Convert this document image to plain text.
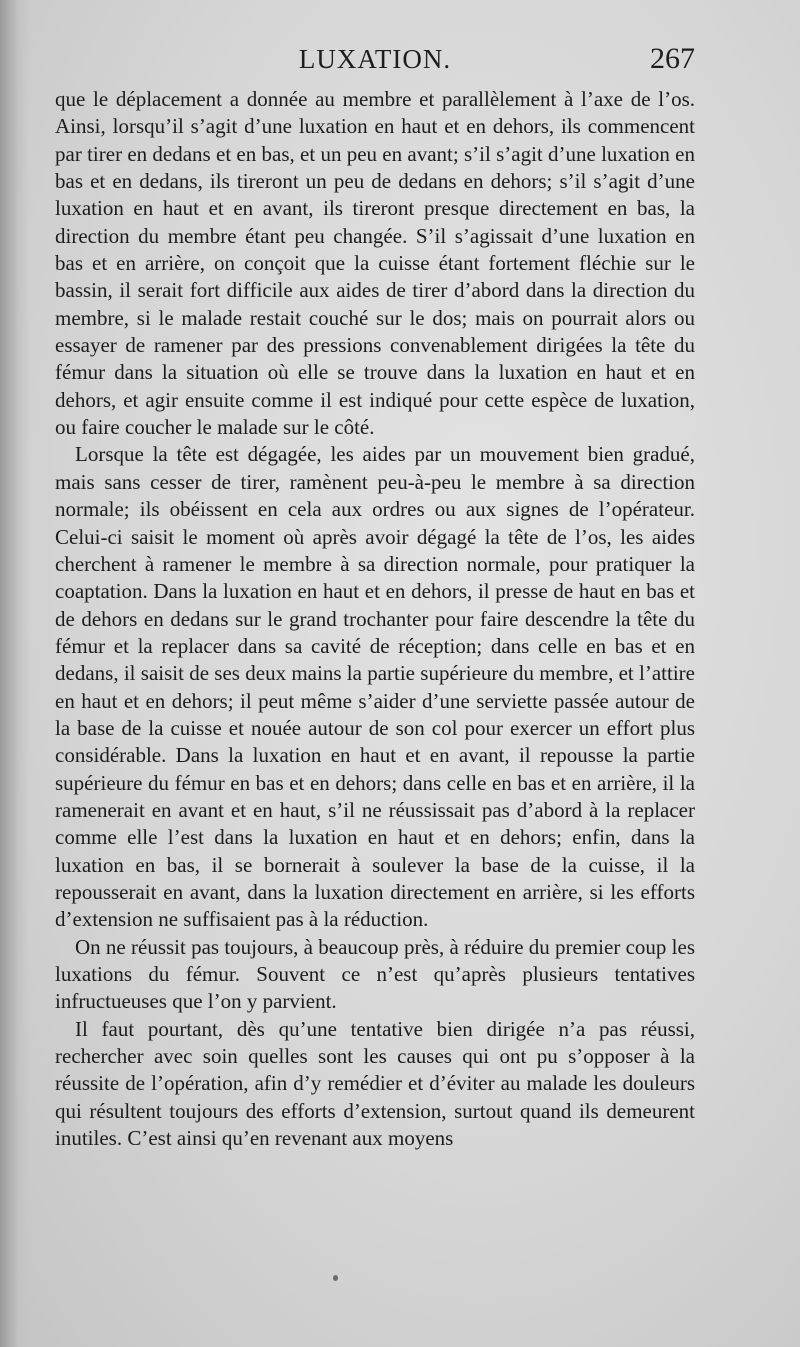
LUXATION.	267

que le déplacement a donnée au membre et parallèlement à l’axe de l’os. Ainsi, lorsqu’il s’agit d’une luxation en haut et en dehors, ils commencent par tirer en dedans et en bas, et un peu en avant; s’il s’agit d’une luxation en bas et en dedans, ils tireront un peu de dedans en dehors; s’il s’agit d’une luxation en haut et en avant, ils tireront presque directement en bas, la direction du membre étant peu changée. S’il s’agissait d’une luxation en bas et en arrière, on conçoit que la cuisse étant fortement fléchie sur le bassin, il serait fort difficile aux aides de tirer d’abord dans la direction du membre, si le malade restait couché sur le dos; mais on pourrait alors ou essayer de ramener par des pressions convenablement dirigées la tête du fémur dans la situation où elle se trouve dans la luxation en haut et en dehors, et agir ensuite comme il est indiqué pour cette espèce de luxation, ou faire coucher le malade sur le côté.

Lorsque la tête est dégagée, les aides par un mouvement bien gradué, mais sans cesser de tirer, ramènent peu-à-peu le membre à sa direction normale; ils obéissent en cela aux ordres ou aux signes de l’opérateur. Celui-ci saisit le moment où après avoir dégagé la tête de l’os, les aides cherchent à ramener le membre à sa direction normale, pour pratiquer la coaptation. Dans la luxation en haut et en dehors, il presse de haut en bas et de dehors en dedans sur le grand trochanter pour faire descendre la tête du fémur et la replacer dans sa cavité de réception; dans celle en bas et en dedans, il saisit de ses deux mains la partie supérieure du membre, et l’attire en haut et en dehors; il peut même s’aider d’une serviette passée autour de la base de la cuisse et nouée autour de son col pour exercer un effort plus considérable. Dans la luxation en haut et en avant, il repousse la partie supérieure du fémur en bas et en dehors; dans celle en bas et en arrière, il la ramenerait en avant et en haut, s’il ne réussissait pas d’abord à la replacer comme elle l’est dans la luxation en haut et en dehors; enfin, dans la luxation en bas, il se bornerait à soulever la base de la cuisse, il la repousserait en avant, dans la luxation directement en arrière, si les efforts d’extension ne suffisaient pas à la réduction.

On ne réussit pas toujours, à beaucoup près, à réduire du premier coup les luxations du fémur. Souvent ce n’est qu’après plusieurs tentatives infructueuses que l’on y parvient.

Il faut pourtant, dès qu’une tentative bien dirigée n’a pas réussi, rechercher avec soin quelles sont les causes qui ont pu s’opposer à la réussite de l’opération, afin d’y remédier et d’éviter au malade les douleurs qui résultent toujours des efforts d’extension, surtout quand ils demeurent inutiles. C’est ainsi qu’en revenant aux moyens
